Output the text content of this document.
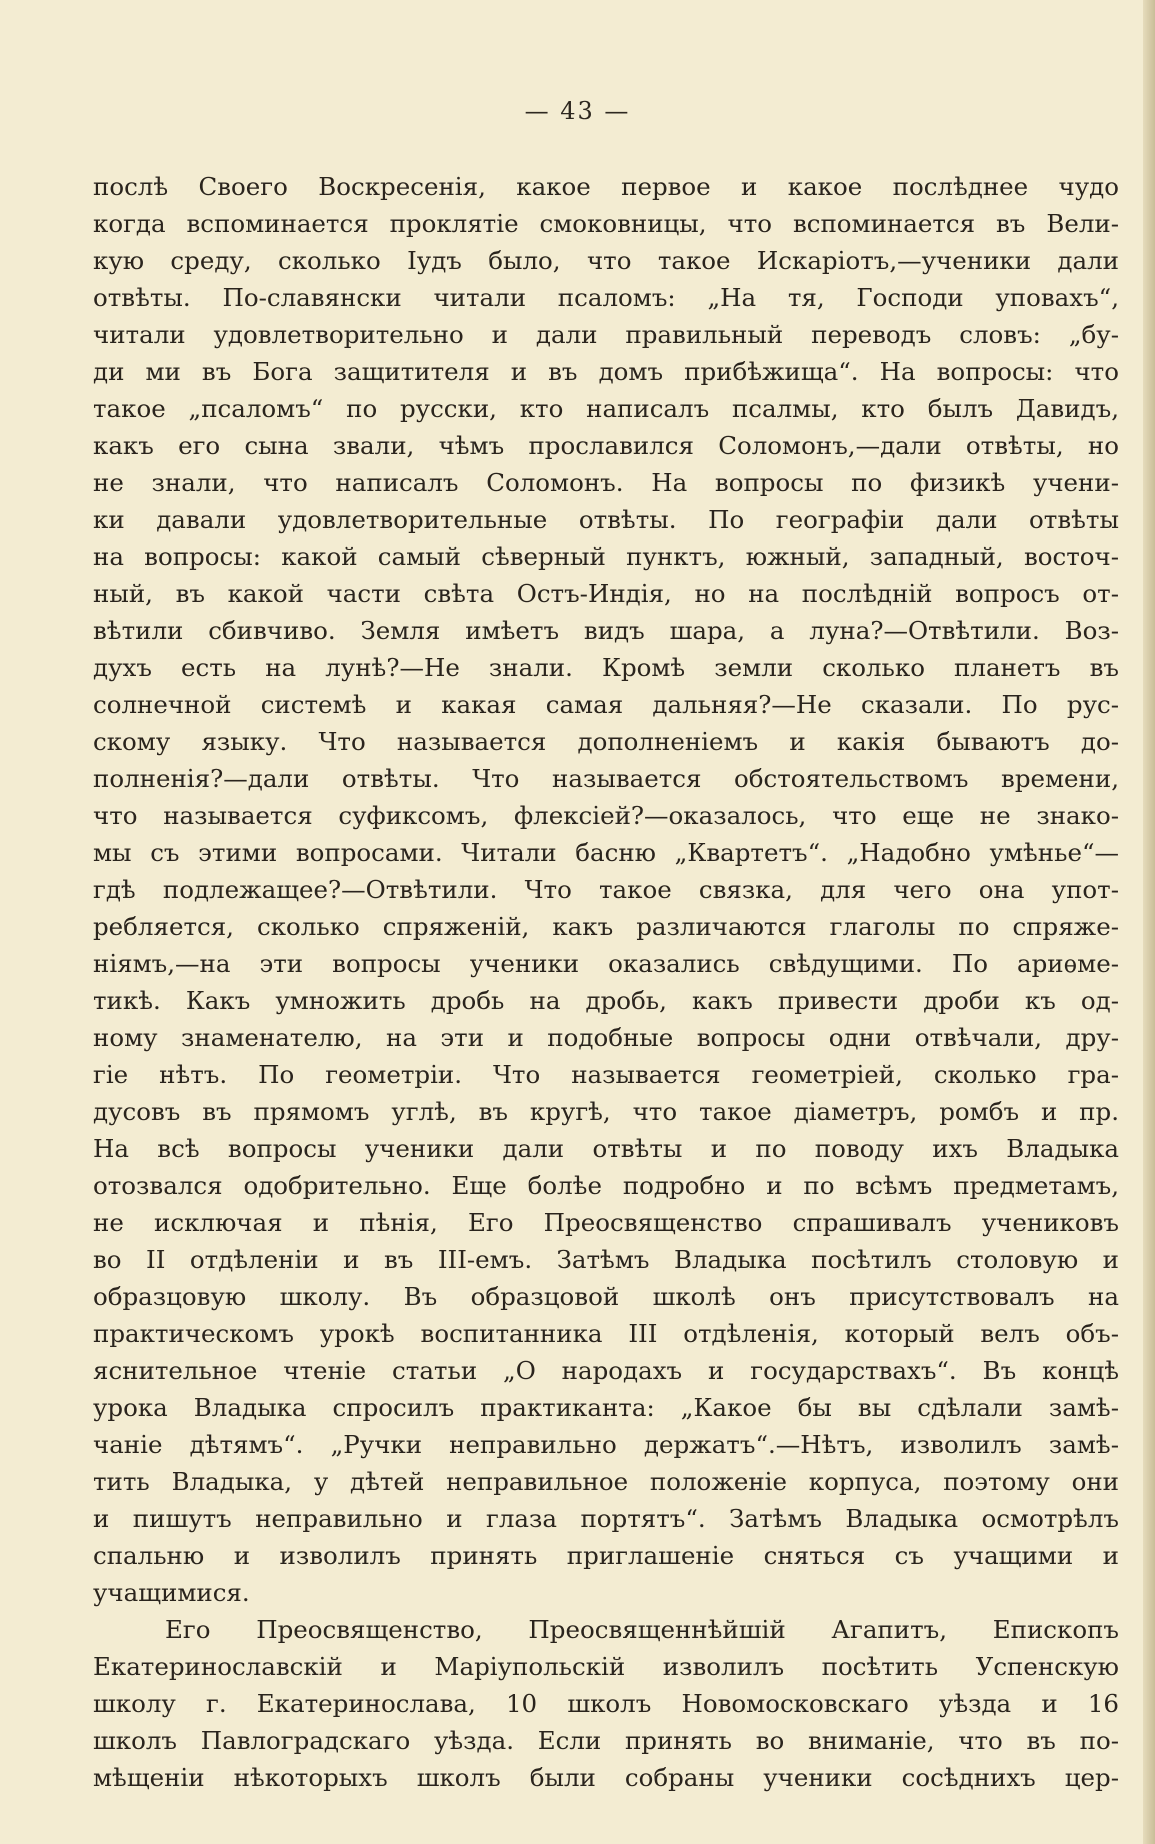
— 43 —
послѣ Своего Воскресенія, какое первое и какое послѣднее чудо
когда вспоминается проклятіе смоковницы, что вспоминается въ Вели-
кую среду, сколько Іудъ было, что такое Искаріотъ,—ученики дали
отвѣты. По-славянски читали псаломъ: „На тя, Господи уповахъ“,
читали удовлетворительно и дали правильный переводъ словъ: „бу-
ди ми въ Бога защитителя и въ домъ прибѣжища“. На вопросы: что
такое „псаломъ“ по русски, кто написалъ псалмы, кто былъ Давидъ,
какъ его сына звали, чѣмъ прославился Соломонъ,—дали отвѣты, но
не знали, что написалъ Соломонъ. На вопросы по физикѣ учени-
ки давали удовлетворительные отвѣты. По географіи дали отвѣты
на вопросы: какой самый сѣверный пунктъ, южный, западный, восточ-
ный, въ какой части свѣта Остъ-Индія, но на послѣдній вопросъ от-
вѣтили сбивчиво. Земля имѣетъ видъ шара, а луна?—Отвѣтили. Воз-
духъ есть на лунѣ?—Не знали. Кромѣ земли сколько планетъ въ
солнечной системѣ и какая самая дальняя?—Не сказали. По рус-
скому языку. Что называется дополненіемъ и какія бываютъ до-
полненія?—дали отвѣты. Что называется обстоятельствомъ времени,
что называется суфиксомъ, флексіей?—оказалось, что еще не знако-
мы съ этими вопросами. Читали басню „Квартетъ“. „Надобно умѣнье“—
гдѣ подлежащее?—Отвѣтили. Что такое связка, для чего она упот-
ребляется, сколько спряженій, какъ различаются глаголы по спряже-
ніямъ,—на эти вопросы ученики оказались свѣдущими. По ариѳме-
тикѣ. Какъ умножить дробь на дробь, какъ привести дроби къ од-
ному знаменателю, на эти и подобные вопросы одни отвѣчали, дру-
гіе нѣтъ. По геометріи. Что называется геометріей, сколько гра-
дусовъ въ прямомъ углѣ, въ кругѣ, что такое діаметръ, ромбъ и пр.
На всѣ вопросы ученики дали отвѣты и по поводу ихъ Владыка
отозвался одобрительно. Еще болѣе подробно и по всѣмъ предметамъ,
не исключая и пѣнія, Его Преосвященство спрашивалъ учениковъ
во II отдѣленіи и въ III-емъ. Затѣмъ Владыка посѣтилъ столовую и
образцовую школу. Въ образцовой школѣ онъ присутствовалъ на
практическомъ урокѣ воспитанника III отдѣленія, который велъ объ-
яснительное чтеніе статьи „О народахъ и государствахъ“. Въ концѣ
урока Владыка спросилъ практиканта: „Какое бы вы сдѣлали замѣ-
чаніе дѣтямъ“. „Ручки неправильно держатъ“.—Нѣтъ, изволилъ замѣ-
тить Владыка, у дѣтей неправильное положеніе корпуса, поэтому они
и пишутъ неправильно и глаза портятъ“. Затѣмъ Владыка осмотрѣлъ
спальню и изволилъ принять приглашеніе сняться съ учащими и
учащимися.
Его Преосвященство, Преосвященнѣйшій Агапитъ, Епископъ
Екатеринославскій и Маріупольскій изволилъ посѣтить Успенскую
школу г. Екатеринослава, 10 школъ Новомосковскаго уѣзда и 16
школъ Павлоградскаго уѣзда. Если принять во вниманіе, что въ по-
мѣщеніи нѣкоторыхъ школъ были собраны ученики сосѣднихъ цер-
